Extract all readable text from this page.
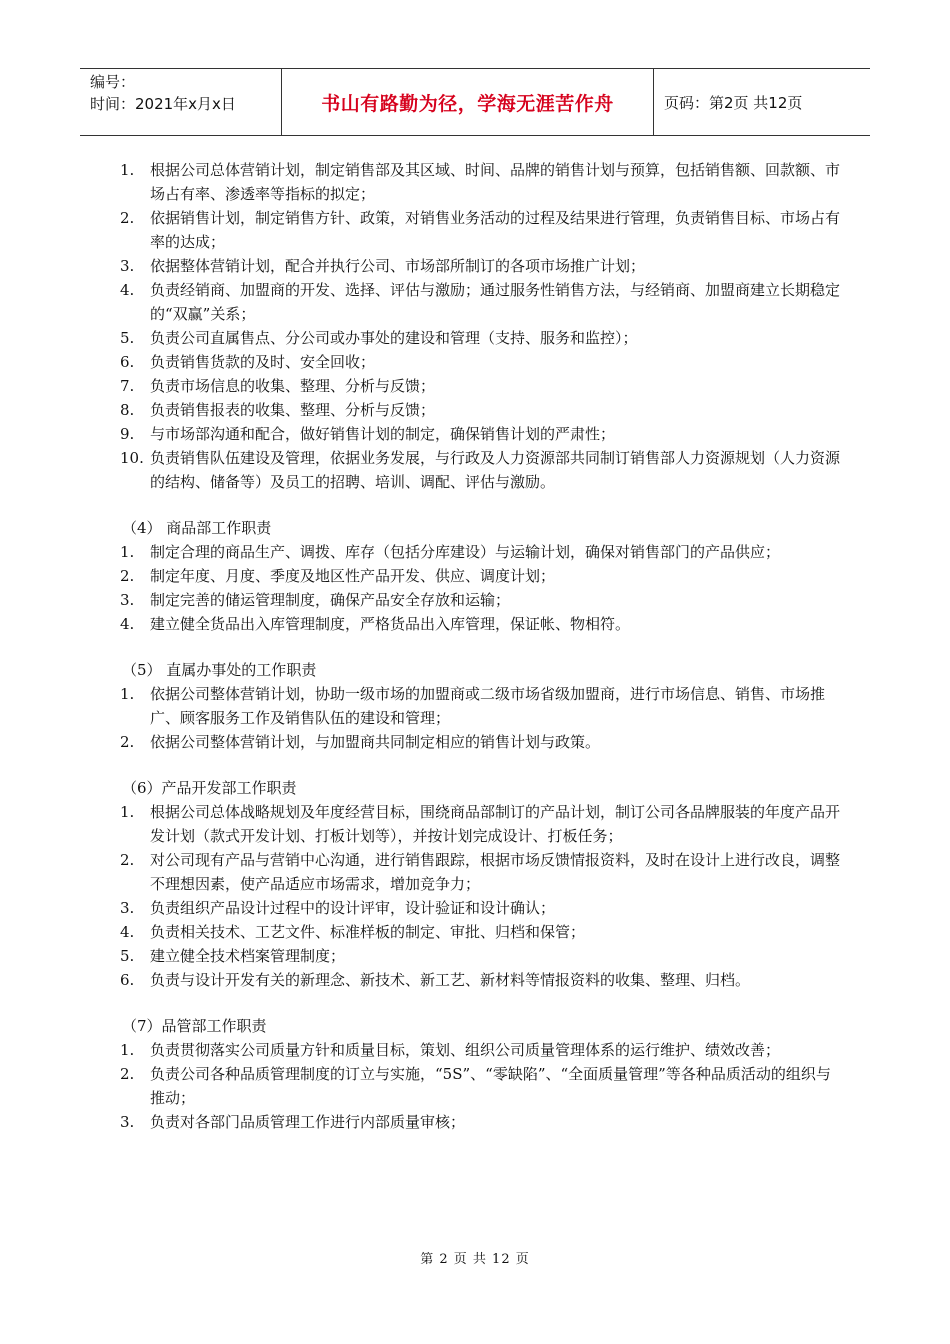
编号：
时间：2021年x月x日	书山有路勤为径，学海无涯苦作舟	页码：第2页 共12页
1. 根据公司总体营销计划，制定销售部及其区域、时间、品牌的销售计划与预算，包括销售额、回款额、市场占有率、渗透率等指标的拟定；
2. 依据销售计划，制定销售方针、政策，对销售业务活动的过程及结果进行管理，负责销售目标、市场占有率的达成；
3. 依据整体营销计划，配合并执行公司、市场部所制订的各项市场推广计划；
4. 负责经销商、加盟商的开发、选择、评估与激励；通过服务性销售方法，与经销商、加盟商建立长期稳定的“双赢”关系；
5. 负责公司直属售点、分公司或办事处的建设和管理（支持、服务和监控）；
6. 负责销售货款的及时、安全回收；
7. 负责市场信息的收集、整理、分析与反馈；
8. 负责销售报表的收集、整理、分析与反馈；
9. 与市场部沟通和配合，做好销售计划的制定，确保销售计划的严肃性；
10. 负责销售队伍建设及管理，依据业务发展，与行政及人力资源部共同制订销售部人力资源规划（人力资源的结构、储备等）及员工的招聘、培训、调配、评估与激励。
（4） 商品部工作职责
1. 制定合理的商品生产、调拨、库存（包括分库建设）与运输计划，确保对销售部门的产品供应；
2. 制定年度、月度、季度及地区性产品开发、供应、调度计划；
3. 制定完善的储运管理制度，确保产品安全存放和运输；
4. 建立健全货品出入库管理制度，严格货品出入库管理，保证帐、物相符。
（5） 直属办事处的工作职责
1. 依据公司整体营销计划，协助一级市场的加盟商或二级市场省级加盟商，进行市场信息、销售、市场推广、顾客服务工作及销售队伍的建设和管理；
2. 依据公司整体营销计划，与加盟商共同制定相应的销售计划与政策。
（6）产品开发部工作职责
1. 根据公司总体战略规划及年度经营目标，围绕商品部制订的产品计划，制订公司各品牌服装的年度产品开发计划（款式开发计划、打板计划等），并按计划完成设计、打板任务；
2. 对公司现有产品与营销中心沟通，进行销售跟踪，根据市场反馈情报资料，及时在设计上进行改良，调整不理想因素，使产品适应市场需求，增加竞争力；
3. 负责组织产品设计过程中的设计评审，设计验证和设计确认；
4. 负责相关技术、工艺文件、标准样板的制定、审批、归档和保管；
5. 建立健全技术档案管理制度；
6. 负责与设计开发有关的新理念、新技术、新工艺、新材料等情报资料的收集、整理、归档。
（7）品管部工作职责
1. 负责贯彻落实公司质量方针和质量目标，策划、组织公司质量管理体系的运行维护、绩效改善；
2. 负责公司各种品质管理制度的订立与实施，“5S”、“零缺陷”、“全面质量管理”等各种品质活动的组织与推动；
3. 负责对各部门品质管理工作进行内部质量审核；
第 2 页 共 12 页
